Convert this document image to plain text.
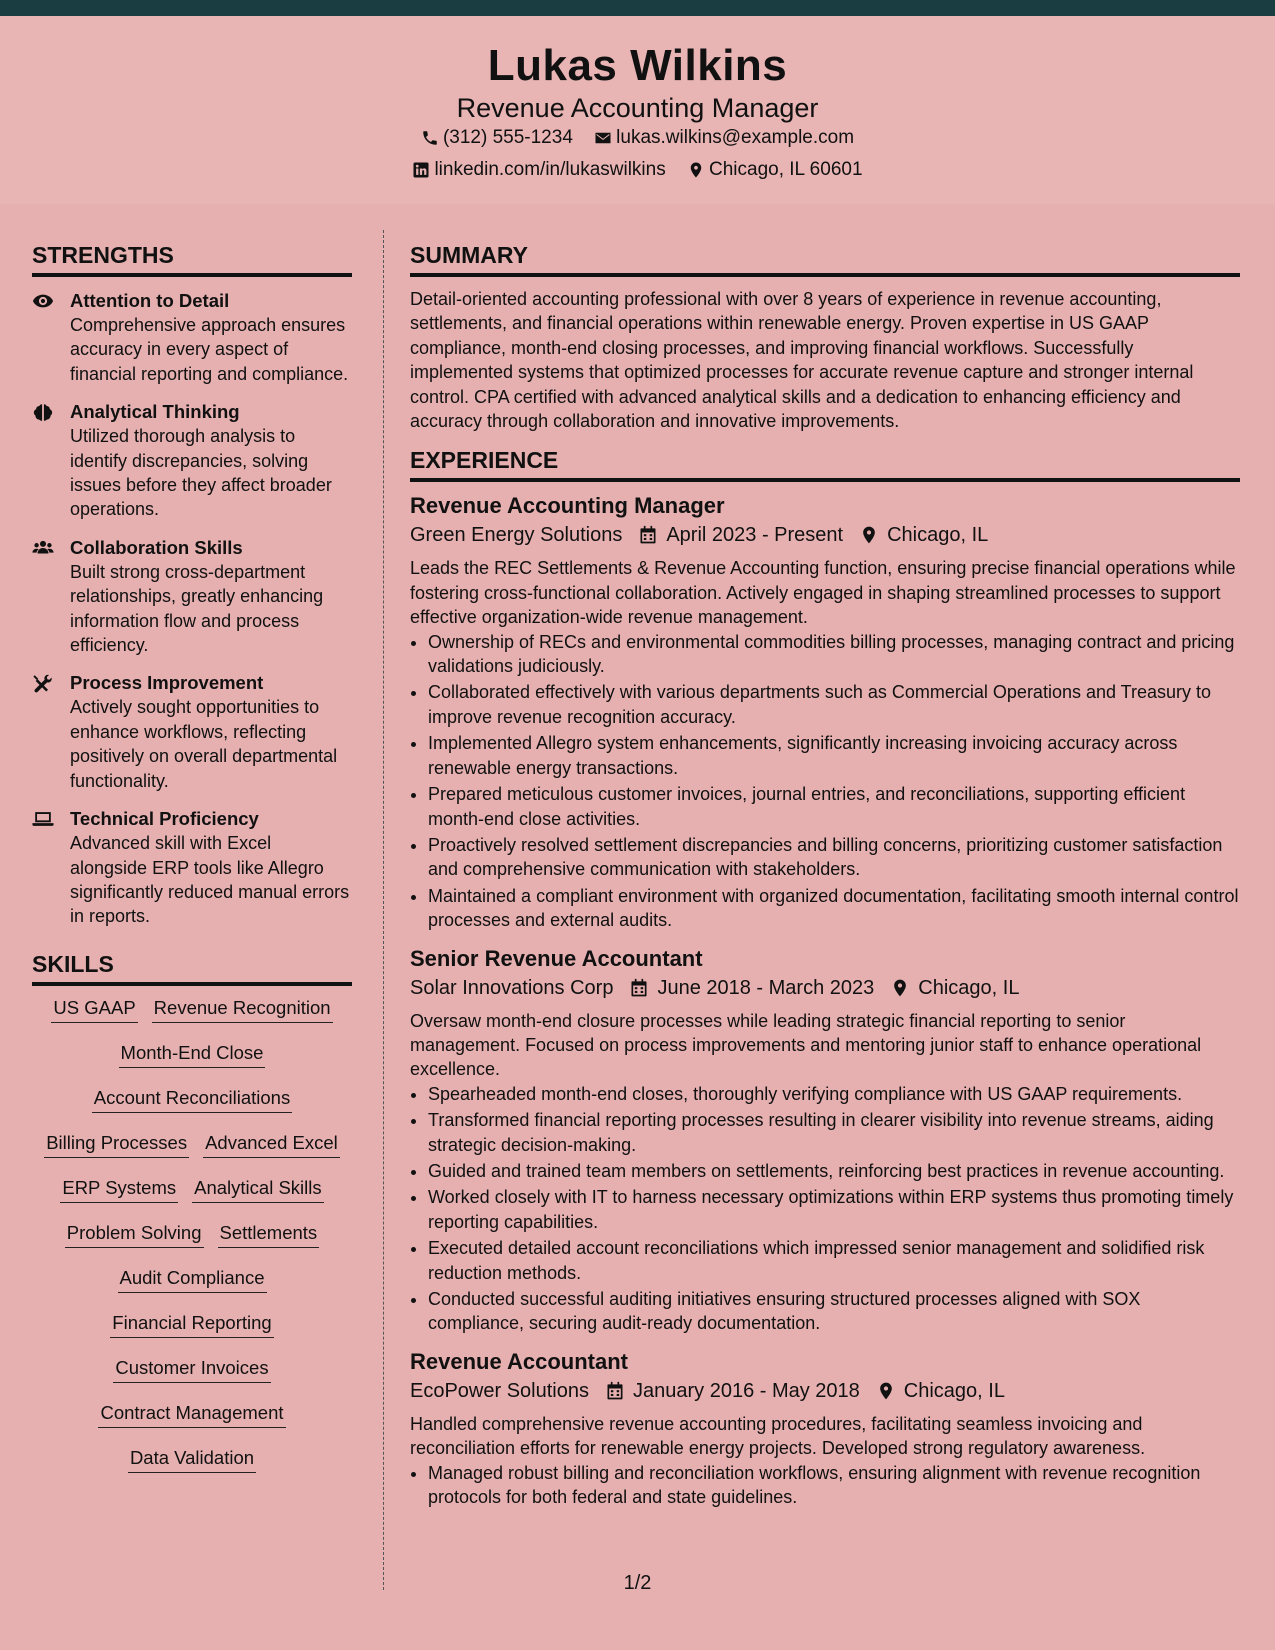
Lukas Wilkins
Revenue Accounting Manager
(312) 555-1234
lukas.wilkins@example.com
linkedin.com/in/lukaswilkins
Chicago, IL 60601
STRENGTHS
Attention to Detail
Comprehensive approach ensures accuracy in every aspect of financial reporting and compliance.
Analytical Thinking
Utilized thorough analysis to identify discrepancies, solving issues before they affect broader operations.
Collaboration Skills
Built strong cross-department relationships, greatly enhancing information flow and process efficiency.
Process Improvement
Actively sought opportunities to enhance workflows, reflecting positively on overall departmental functionality.
Technical Proficiency
Advanced skill with Excel alongside ERP tools like Allegro significantly reduced manual errors in reports.
SKILLS
US GAAP Revenue Recognition
Month-End Close
Account Reconciliations
Billing Processes Advanced Excel
ERP Systems Analytical Skills
Problem Solving Settlements
Audit Compliance
Financial Reporting
Customer Invoices
Contract Management
Data Validation
SUMMARY
Detail-oriented accounting professional with over 8 years of experience in revenue accounting, settlements, and financial operations within renewable energy. Proven expertise in US GAAP compliance, month-end closing processes, and improving financial workflows. Successfully implemented systems that optimized processes for accurate revenue capture and stronger internal control. CPA certified with advanced analytical skills and a dedication to enhancing efficiency and accuracy through collaboration and innovative improvements.
EXPERIENCE
Revenue Accounting Manager
Green Energy Solutions April 2023 - Present Chicago, IL
Leads the REC Settlements & Revenue Accounting function, ensuring precise financial operations while fostering cross-functional collaboration. Actively engaged in shaping streamlined processes to support effective organization-wide revenue management.
• Ownership of RECs and environmental commodities billing processes, managing contract and pricing validations judiciously.
• Collaborated effectively with various departments such as Commercial Operations and Treasury to improve revenue recognition accuracy.
• Implemented Allegro system enhancements, significantly increasing invoicing accuracy across renewable energy transactions.
• Prepared meticulous customer invoices, journal entries, and reconciliations, supporting efficient month-end close activities.
• Proactively resolved settlement discrepancies and billing concerns, prioritizing customer satisfaction and comprehensive communication with stakeholders.
• Maintained a compliant environment with organized documentation, facilitating smooth internal control processes and external audits.
Senior Revenue Accountant
Solar Innovations Corp June 2018 - March 2023 Chicago, IL
Oversaw month-end closure processes while leading strategic financial reporting to senior management. Focused on process improvements and mentoring junior staff to enhance operational excellence.
• Spearheaded month-end closes, thoroughly verifying compliance with US GAAP requirements.
• Transformed financial reporting processes resulting in clearer visibility into revenue streams, aiding strategic decision-making.
• Guided and trained team members on settlements, reinforcing best practices in revenue accounting.
• Worked closely with IT to harness necessary optimizations within ERP systems thus promoting timely reporting capabilities.
• Executed detailed account reconciliations which impressed senior management and solidified risk reduction methods.
• Conducted successful auditing initiatives ensuring structured processes aligned with SOX compliance, securing audit-ready documentation.
Revenue Accountant
EcoPower Solutions January 2016 - May 2018 Chicago, IL
Handled comprehensive revenue accounting procedures, facilitating seamless invoicing and reconciliation efforts for renewable energy projects. Developed strong regulatory awareness.
• Managed robust billing and reconciliation workflows, ensuring alignment with revenue recognition protocols for both federal and state guidelines.
1/2
